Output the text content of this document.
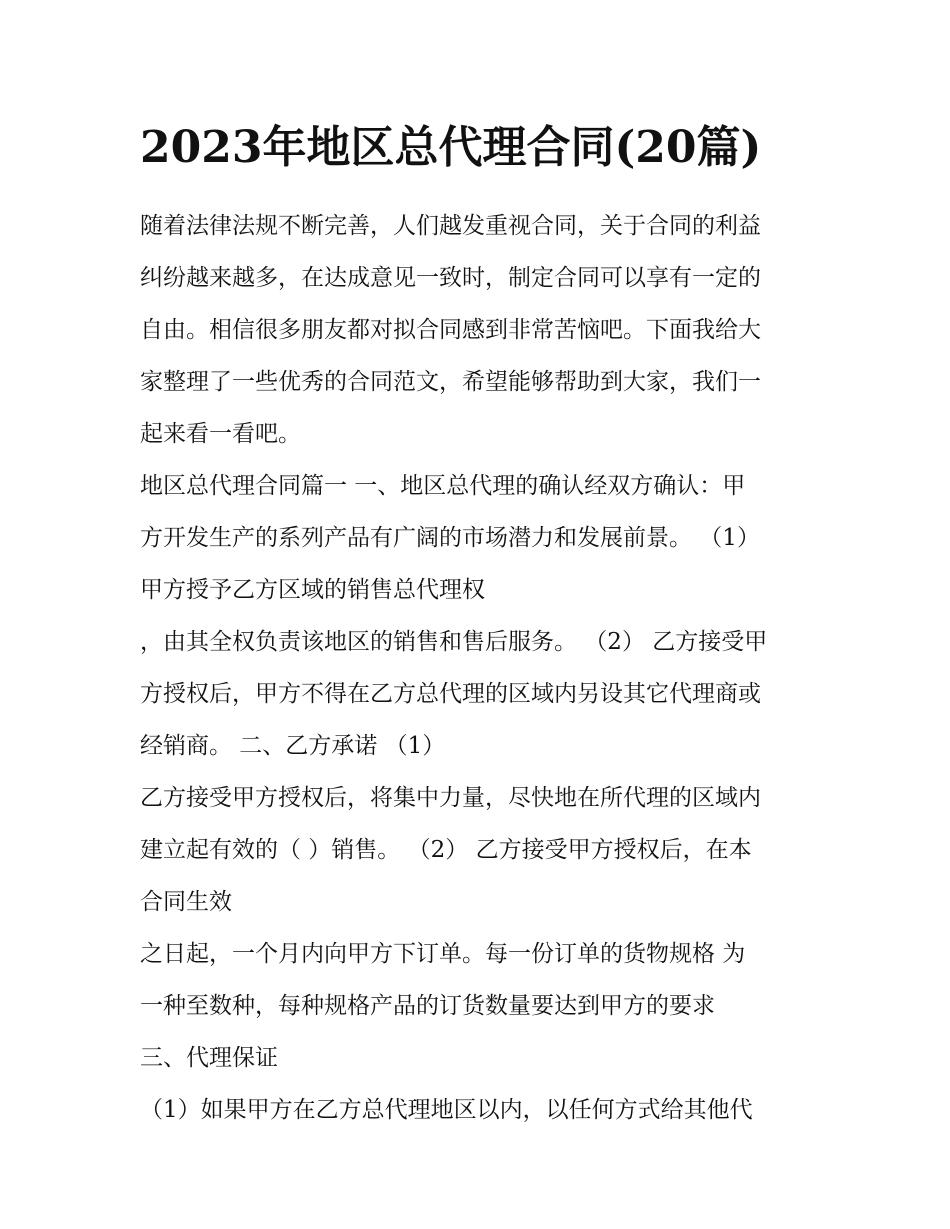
2023年地区总代理合同(20篇)
随着法律法规不断完善，人们越发重视合同，关于合同的利益
纠纷越来越多，在达成意见一致时，制定合同可以享有一定的
自由。相信很多朋友都对拟合同感到非常苦恼吧。下面我给大
家整理了一些优秀的合同范文，希望能够帮助到大家，我们一
起来看一看吧。
地区总代理合同篇一 一、地区总代理的确认经双方确认：甲
方开发生产的系列产品有广阔的市场潜力和发展前景。 （1）
甲方授予乙方区域的销售总代理权
，由其全权负责该地区的销售和售后服务。 （2） 乙方接受甲
方授权后，甲方不得在乙方总代理的区域内另设其它代理商或
经销商。 二、乙方承诺 （1）
乙方接受甲方授权后，将集中力量，尽快地在所代理的区域内
建立起有效的（ ）销售。 （2） 乙方接受甲方授权后，在本
合同生效
之日起，一个月内向甲方下订单。每一份订单的货物规格 为
一种至数种，每种规格产品的订货数量要达到甲方的要求
三、代理保证
（1）如果甲方在乙方总代理地区以内，以任何方式给其他代
